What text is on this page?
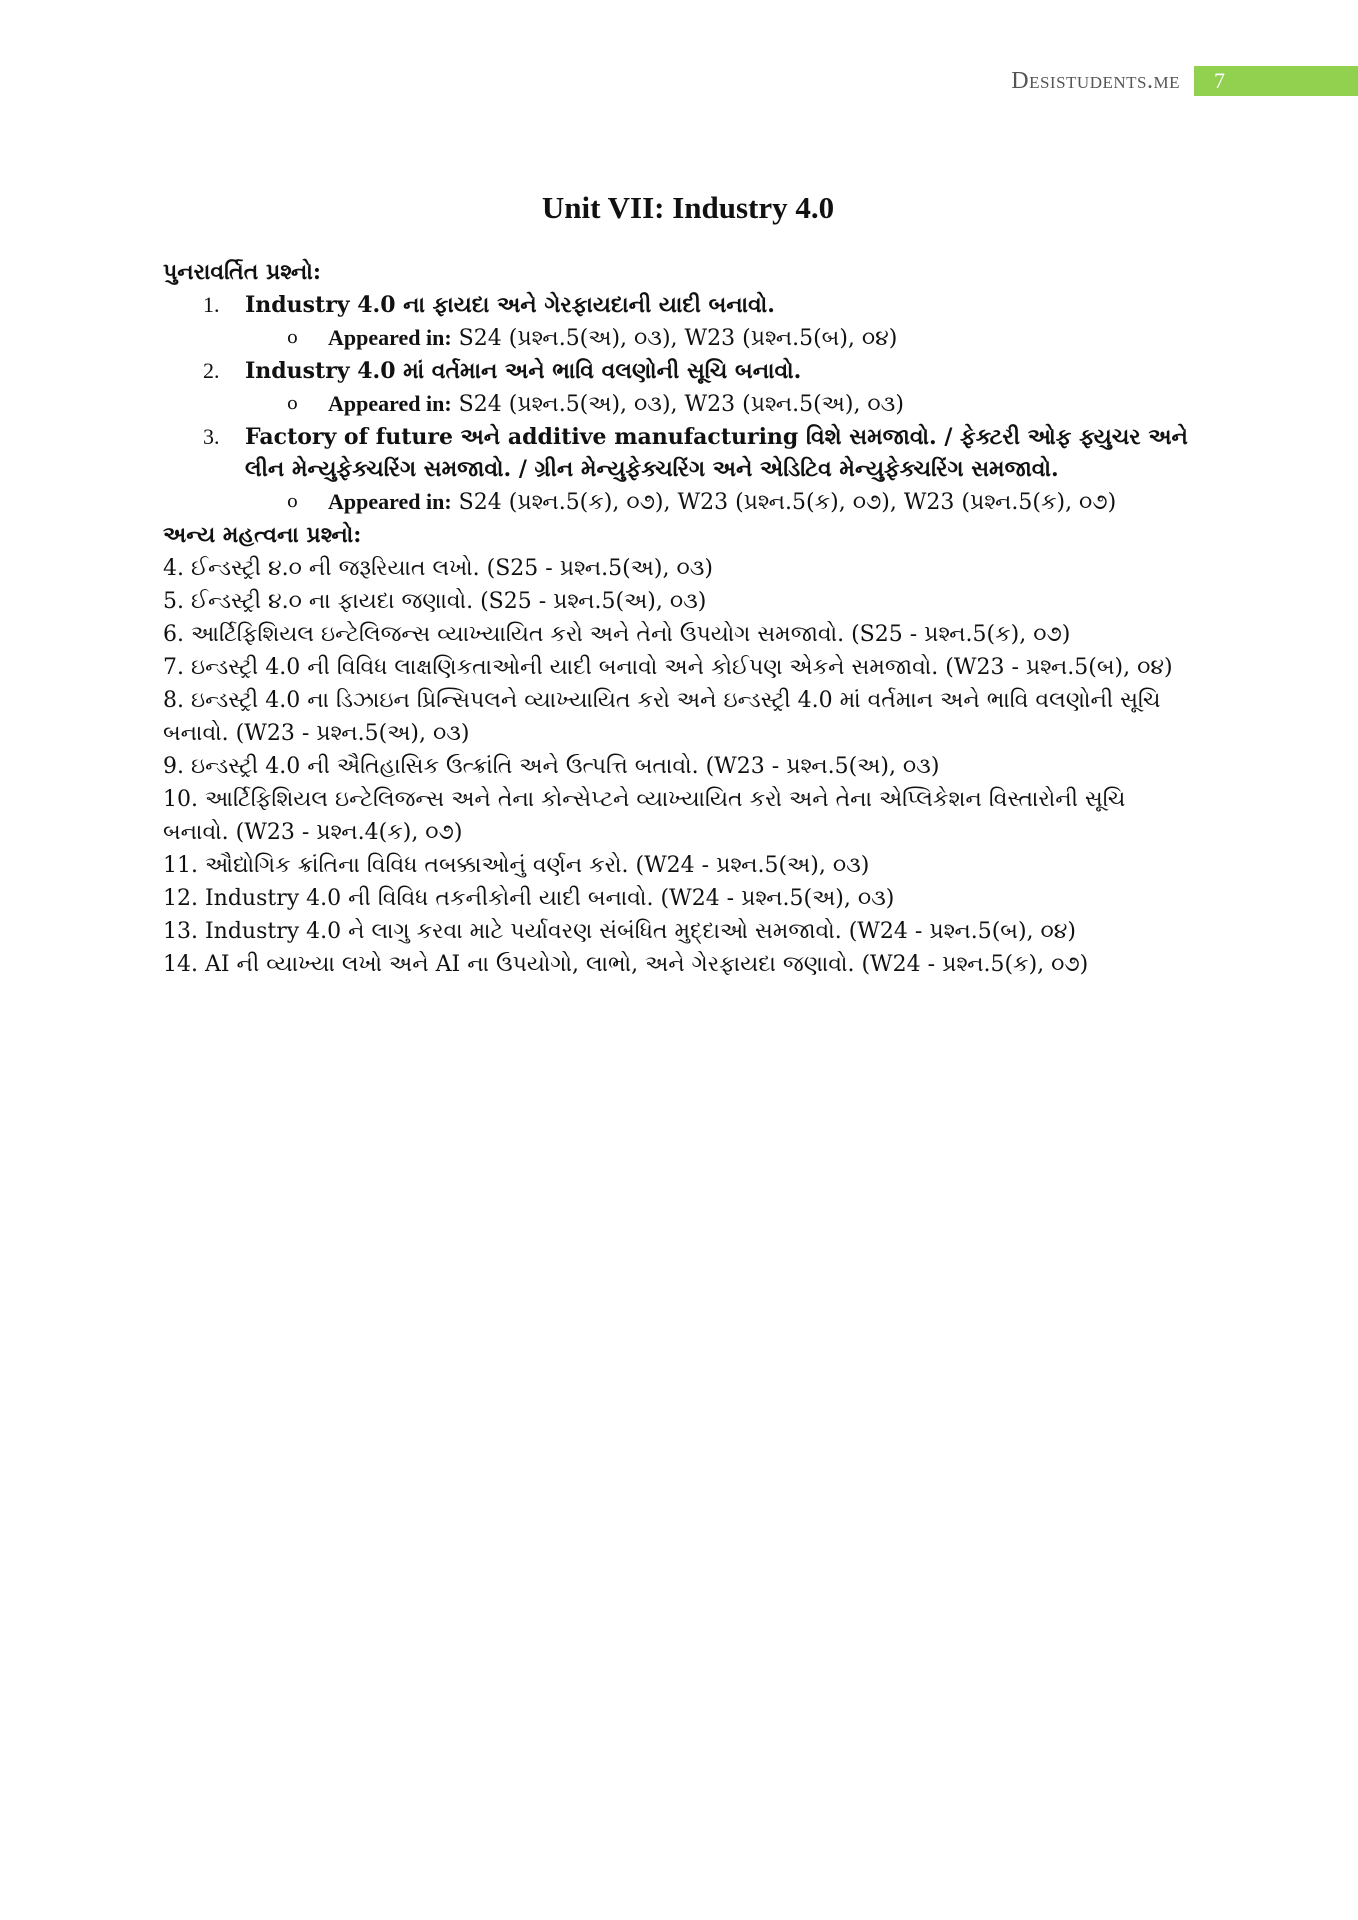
Desistudents.me	7
Unit VII: Industry 4.0

પુનરાવર્તિત પ્રશ્નો:

1. Industry 4.0 ના ફાયદા અને ગેરફાયદાની યાદી બનાવો.
o Appeared in: S24 (પ્રશ્ન.5(અ), ૦૩), W23 (પ્રશ્ન.5(બ), ૦૪)
2. Industry 4.0 માં વર્તમાન અને ભાવિ વલણોની સૂચિ બનાવો.
o Appeared in: S24 (પ્રશ્ન.5(અ), ૦૩), W23 (પ્રશ્ન.5(અ), ૦૩)
3. Factory of future અને additive manufacturing વિશે સમજાવો. / ફેક્ટરી ઓફ ફ્યુચર અને લીન મેન્યુફેક્ચરિંગ સમજાવો. / ગ્રીન મેન્યુફેક્ચરિંગ અને એડિટિવ મેન્યુફેક્ચરિંગ સમજાવો.
o Appeared in: S24 (પ્રશ્ન.5(ક), ૦૭), W23 (પ્રશ્ન.5(ક), ૦૭), W23 (પ્રશ્ન.5(ક), ૦૭)

અન્ય મહત્વના પ્રશ્નો:

4. ઈન્ડસ્ટ્રી ૪.૦ ની જરૂરિયાત લખો. (S25 - પ્રશ્ન.5(અ), ૦૩)

5. ઈન્ડસ્ટ્રી ૪.૦ ના ફાયદા જણાવો. (S25 - પ્રશ્ન.5(અ), ૦૩)

6. આર્ટિફિશિયલ ઇન્ટેલિજન્સ વ્યાખ્યાયિત કરો અને તેનો ઉપયોગ સમજાવો. (S25 - પ્રશ્ન.5(ક), ૦૭)

7. ઇન્ડસ્ટ્રી 4.0 ની વિવિધ લાક્ષણિકતાઓની યાદી બનાવો અને કોઈપણ એકને સમજાવો. (W23 - પ્રશ્ન.5(બ), ૦૪)

8. ઇન્ડસ્ટ્રી 4.0 ના ડિઝાઇન પ્રિન્સિપલને વ્યાખ્યાયિત કરો અને ઇન્ડસ્ટ્રી 4.0 માં વર્તમાન અને ભાવિ વલણોની સૂચિ બનાવો. (W23 - પ્રશ્ન.5(અ), ૦૩)

9. ઇન્ડસ્ટ્રી 4.0 ની ઐતિહાસિક ઉત્ક્રાંતિ અને ઉત્પત્તિ બતાવો. (W23 - પ્રશ્ન.5(અ), ૦૩)

10. આર્ટિફિશિયલ ઇન્ટેલિજન્સ અને તેના કોન્સેપ્ટને વ્યાખ્યાયિત કરો અને તેના એપ્લિકેશન વિસ્તારોની સૂચિ બનાવો. (W23 - પ્રશ્ન.4(ક), ૦૭)

11. ઔદ્યોગિક ક્રાંતિના વિવિધ તબક્કાઓનું વર્ણન કરો. (W24 - પ્રશ્ન.5(અ), ૦૩)

12. Industry 4.0 ની વિવિધ તકનીકોની યાદી બનાવો. (W24 - પ્રશ્ન.5(અ), ૦૩)

13. Industry 4.0 ને લાગુ કરવા માટે પર્યાવરણ સંબંધિત મુદ્દાઓ સમજાવો. (W24 - પ્રશ્ન.5(બ), ૦૪)

14. AI ની વ્યાખ્યા લખો અને AI ના ઉપયોગો, લાભો, અને ગેરફાયદા જણાવો. (W24 - પ્રશ્ન.5(ક), ૦૭)
